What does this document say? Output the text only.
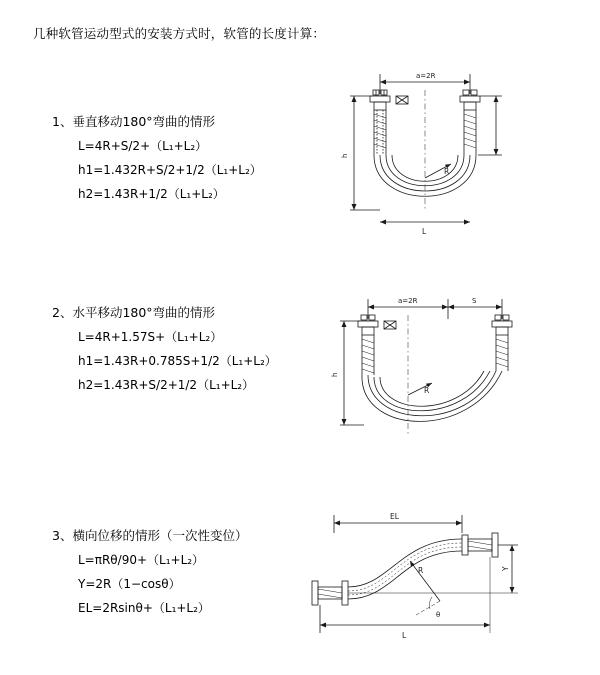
几种软管运动型式的安装方式时，软管的长度计算：
1、垂直移动180°弯曲的情形
L=4R+S/2+（L₁+L₂）
h1=1.432R+S/2+1/2（L₁+L₂）
h2=1.43R+1/2（L₁+L₂）
a=2R
R
L
h
2、水平移动180°弯曲的情形
L=4R+1.57S+（L₁+L₂）
h1=1.43R+0.785S+1/2（L₁+L₂）
h2=1.43R+S/2+1/2（L₁+L₂）
a=2R	S
R
h
3、横向位移的情形（一次性变位）
L=πRθ/90+（L₁+L₂）
Y=2R（1−cosθ）
EL=2Rsinθ+（L₁+L₂）
EL
R
θ
Y
L
